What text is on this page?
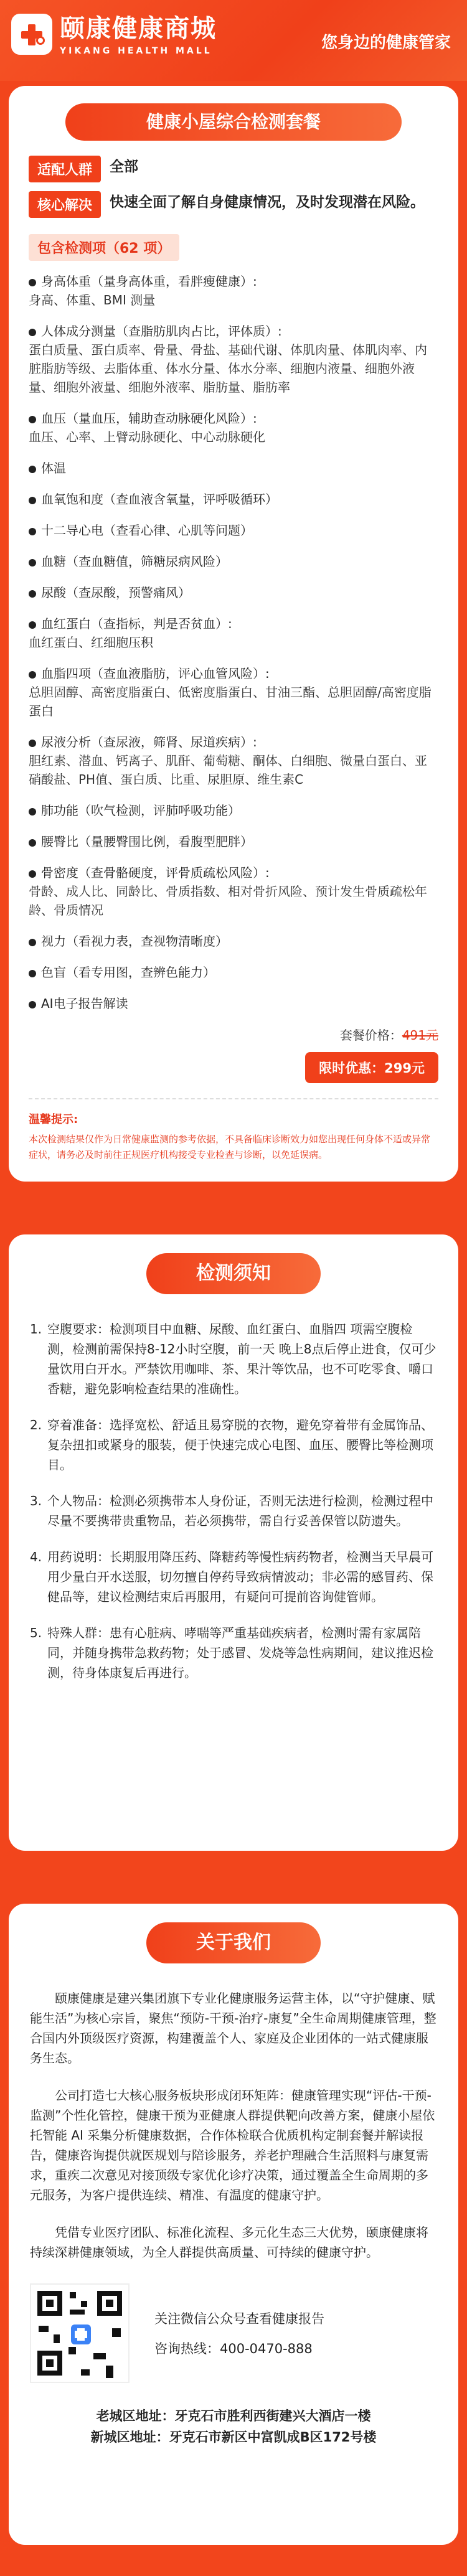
颐康健康商城
YIKANG HEALTH MALL	您身边的健康管家
健康小屋综合检测套餐
适配人群	全部
核心解决	快速全面了解自身健康情况，及时发现潜在风险。
包含检测项（62 项）
身高体重（量身高体重，看胖瘦健康）:
身高、体重、BMI 测量
人体成分测量（查脂肪肌肉占比，评体质）:
蛋白质量、蛋白质率、骨量、骨盐、基础代谢、体肌肉量、体肌肉率、内脏脂肪等级、去脂体重、体水分量、体水分率、细胞内液量、细胞外液量、细胞外液量、细胞外液率、脂肪量、脂肪率
血压（量血压，辅助查动脉硬化风险）:
血压、心率、上臂动脉硬化、中心动脉硬化
体温
血氧饱和度（查血液含氧量，评呼吸循环）
十二导心电（查看心律、心肌等问题）
血糖（查血糖值，筛糖尿病风险）
尿酸（查尿酸，预警痛风）
血红蛋白（查指标，判是否贫血）:
血红蛋白、红细胞压积
血脂四项（查血液脂肪，评心血管风险）:
总胆固醇、高密度脂蛋白、低密度脂蛋白、甘油三酯、总胆固醇/高密度脂蛋白
尿液分析（查尿液，筛肾、尿道疾病）:
胆红素、潜血、钙离子、肌酐、葡萄糖、酮体、白细胞、微量白蛋白、亚硝酸盐、PH值、蛋白质、比重、尿胆原、维生素C
肺功能（吹气检测，评肺呼吸功能）
腰臀比（量腰臀围比例，看腹型肥胖）
骨密度（查骨骼硬度，评骨质疏松风险）:
骨龄、成人比、同龄比、骨质指数、相对骨折风险、预计发生骨质疏松年龄、骨质情况
视力（看视力表，查视物清晰度）
色盲（看专用图，查辨色能力）
AI电子报告解读
套餐价格：491元
限时优惠：299元
温馨提示:
本次检测结果仅作为日常健康监测的参考依据，不具备临床诊断效力如您出现任何身体不适或异常症状，请务必及时前往正规医疗机构接受专业检查与诊断，以免延误病。
检测须知
1. 空腹要求：检测项目中血糖、尿酸、血红蛋白、血脂四 项需空腹检测，检测前需保持8-12小时空腹，前一天 晚上8点后停止进食，仅可少量饮用白开水。严禁饮用咖啡、茶、果汁等饮品，也不可吃零食、嚼口香糖，避免影响检查结果的准确性。
2. 穿着准备：选择宽松、舒适且易穿脱的衣物，避免穿着带有金属饰品、复杂扭扣或紧身的服装，便于快速完成心电图、血压、腰臀比等检测项目。
3. 个人物品：检测必须携带本人身份证，否则无法进行检测，检测过程中尽量不要携带贵重物品，若必须携带，需自行妥善保管以防遗失。
4. 用药说明：长期服用降压药、降糖药等慢性病药物者，检测当天早晨可用少量白开水送服，切勿擅自停药导致病情波动；非必需的感冒药、保健品等，建议检测结束后再服用，有疑问可提前咨询健管师。
5. 特殊人群：患有心脏病、哮喘等严重基础疾病者，检测时需有家属陪同，并随身携带急救药物；处于感冒、发烧等急性病期间，建议推迟检测，待身体康复后再进行。
关于我们
颐康健康是建兴集团旗下专业化健康服务运营主体，以“守护健康、赋能生活”为核心宗旨，聚焦“预防-干预-治疗-康复”全生命周期健康管理，整合国内外顶级医疗资源，构建覆盖个人、家庭及企业团体的一站式健康服务生态。
公司打造七大核心服务板块形成闭环矩阵：健康管理实现“评估-干预-监测”个性化管控，健康干预为亚健康人群提供靶向改善方案，健康小屋依托智能 AI 采集分析健康数据，合作体检联合优质机构定制套餐并解读报告，健康咨询提供就医规划与陪诊服务，养老护理融合生活照料与康复需求，重疾二次意见对接顶级专家优化诊疗决策，通过覆盖全生命周期的多元服务，为客户提供连续、精准、有温度的健康守护。
凭借专业医疗团队、标准化流程、多元化生态三大优势，颐康健康将持续深耕健康领域，为全人群提供高质量、可持续的健康守护。
关注微信公众号查看健康报告
咨询热线：400-0470-888
老城区地址：牙克石市胜利西街建兴大酒店一楼
新城区地址：牙克石市新区中富凯成B区172号楼
